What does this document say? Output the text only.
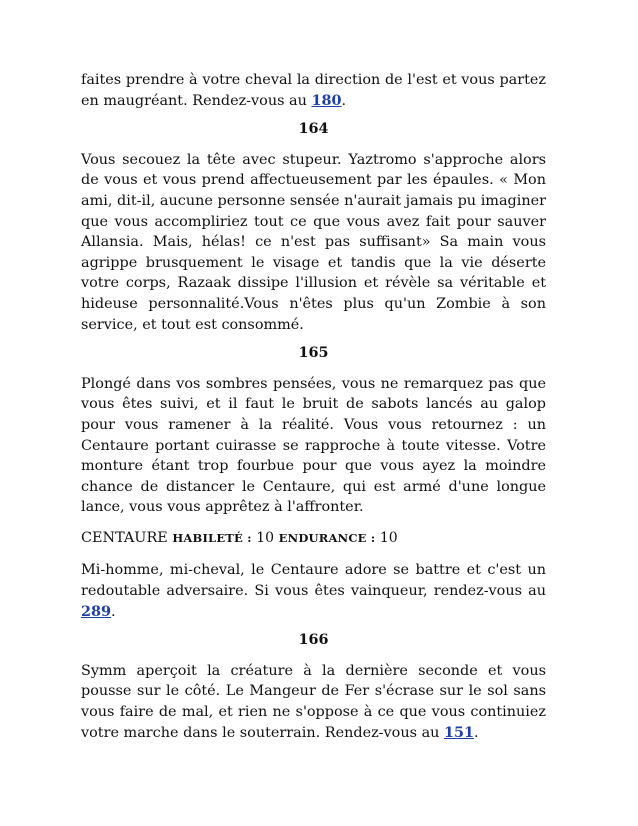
faites prendre à votre cheval la direction de l'est et vous partez en maugréant. Rendez-vous au 180.

164

Vous secouez la tête avec stupeur. Yaztromo s'approche alors de vous et vous prend affectueusement par les épaules. « Mon ami, dit-il, aucune personne sensée n'aurait jamais pu imaginer que vous accompliriez tout ce que vous avez fait pour sauver Allansia. Mais, hélas! ce n'est pas suffisant» Sa main vous agrippe brusquement le visage et tandis que la vie déserte votre corps, Razaak dissipe l'illusion et révèle sa véritable et hideuse personnalité.Vous n'êtes plus qu'un Zombie à son service, et tout est consommé.

165

Plongé dans vos sombres pensées, vous ne remarquez pas que vous êtes suivi, et il faut le bruit de sabots lancés au galop pour vous ramener à la réalité. Vous vous retournez : un Centaure portant cuirasse se rapproche à toute vitesse. Votre monture étant trop fourbue pour que vous ayez la moindre chance de distancer le Centaure, qui est armé d'une longue lance, vous vous apprêtez à l'affronter.

CENTAURE HABILETÉ : 10 ENDURANCE : 10

Mi-homme, mi-cheval, le Centaure adore se battre et c'est un redoutable adversaire. Si vous êtes vainqueur, rendez-vous au 289.

166

Symm aperçoit la créature à la dernière seconde et vous pousse sur le côté. Le Mangeur de Fer s'écrase sur le sol sans vous faire de mal, et rien ne s'oppose à ce que vous continuiez votre marche dans le souterrain. Rendez-vous au 151.
